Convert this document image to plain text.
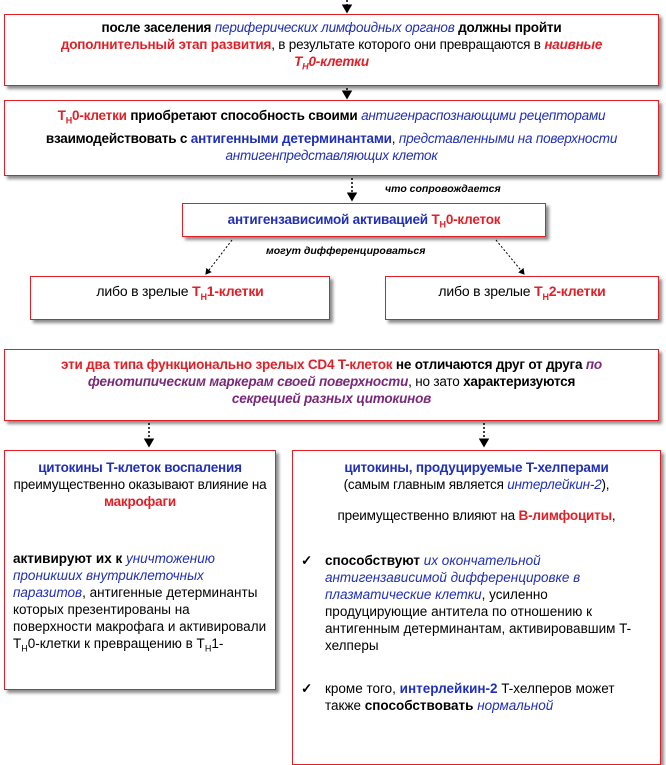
после заселения периферических лимфоидных органов должны пройти
дополнительный этап развития, в результате которого они превращаются в наивные
$T_H0$-клетки
$T_H0$-клетки приобретают способность своими антигенраспознающими рецепторами взаимодействовать с антигенными детерминантами, представленными на поверхности антигенпредставляющих клеток
что сопровождается
антигензависимой активацией $T_H0$-клеток
могут дифференцироваться
либо в зрелые $T_H1$-клетки	либо в зрелые $T_H2$-клетки
эти два типа функционально зрелых CD4 T-клеток не отличаются друг от друга по фенотипическим маркерам своей поверхности, но зато характеризуются
секрецией разных цитокинов
цитокины T-клеток воспаления
преимущественно оказывают влияние на макрофаги
активируют их к уничтожению проникших внутриклеточных паразитов, антигенные детерминанты которых презентированы на поверхности макрофага и активировали $T_H0$-клетки к превращению в $T_H1-$
цитокины, продуцируемые T-хелперами
(самым главным является интерлейкин-2),
преимущественно влияют на B-лимфоциты,
✓ способствуют их окончательной антигензависимой дифференцировке в плазматические клетки, усиленно продуцирующие антитела по отношению к антигенным детерминантам, активировавшим T-хелперы
✓ кроме того, интерлейкин-2 T-хелперов может также способствовать нормальной
